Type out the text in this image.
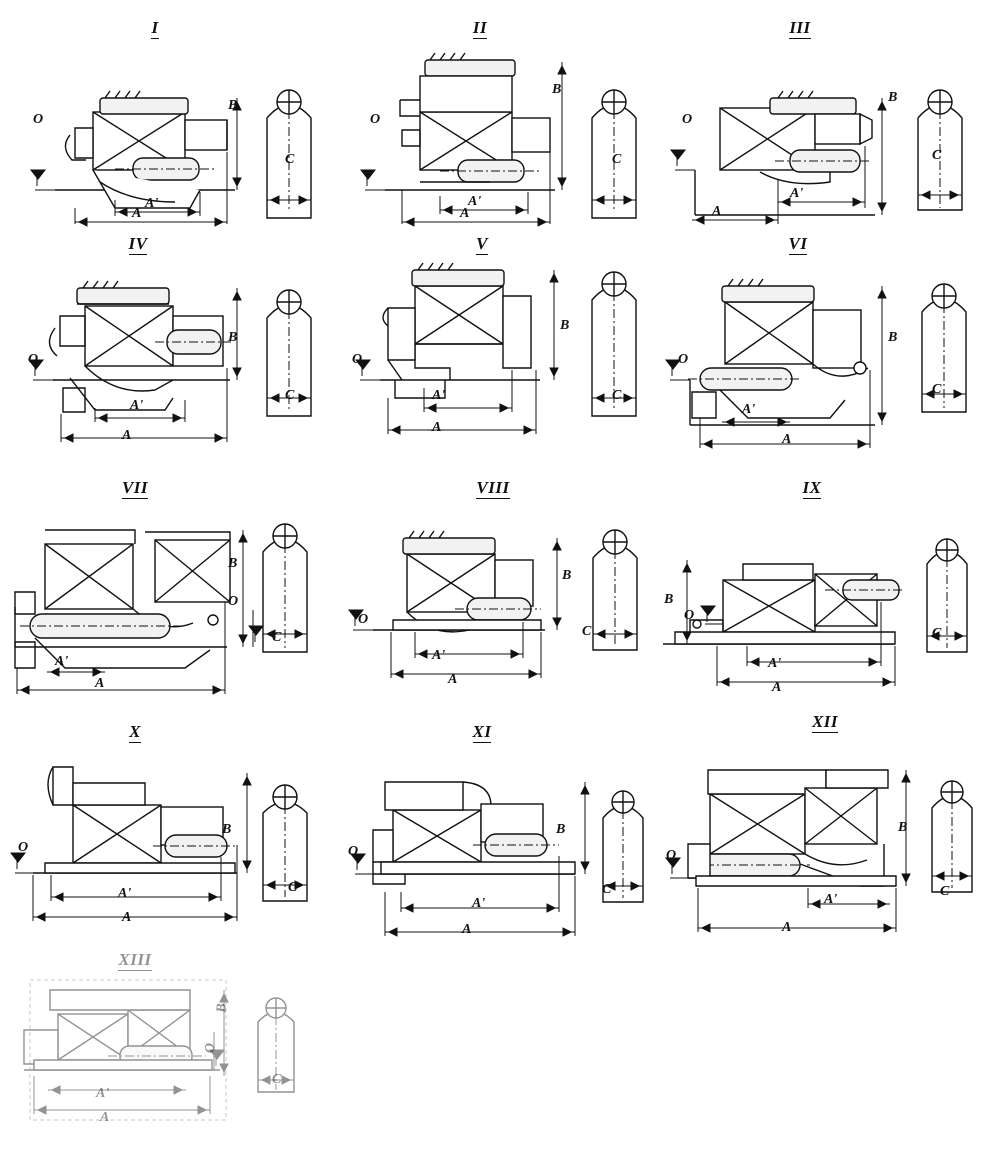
I
O
B
A'
A
C
II
O
B
A'
A
C
III
O
B
A'
A
C
IV
O
B
A'
A
C
V
O
B
A'
A
C
VI
O
B
A'
A
C
VII
O
B
A'
A
C
VIII
O
B
A'
A
C
IX
O
B
A'
A
C
X
O
B
A'
A
C
XI
O
B
A'
A
C
XII
O
B
A'
A
C
XIII
B
A'
A
C
O
